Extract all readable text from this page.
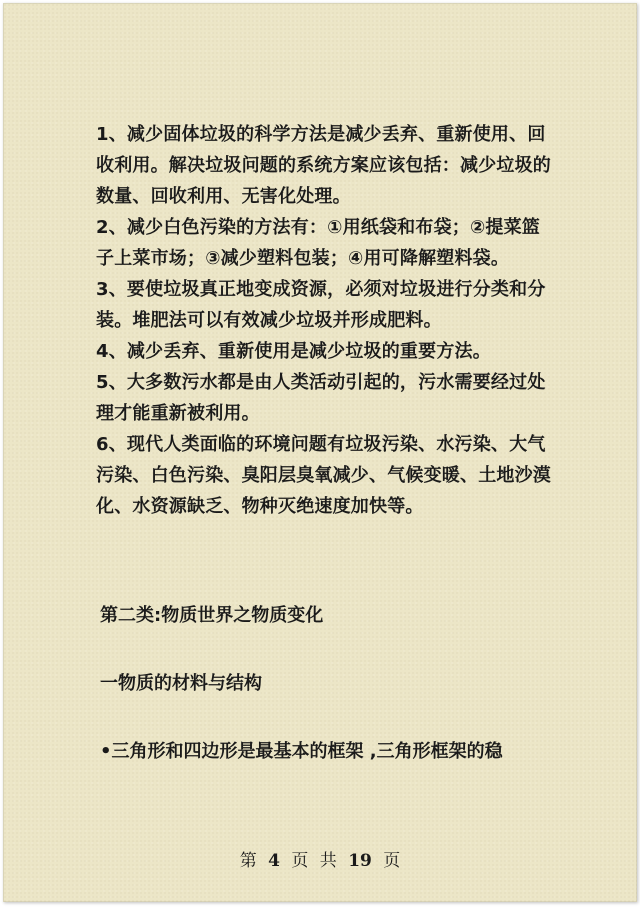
1、减少固体垃圾的科学方法是减少丢弃、重新使用、回收利用。解决垃圾问题的系统方案应该包括：减少垃圾的数量、回收利用、无害化处理。

2、减少白色污染的方法有：①用纸袋和布袋；②提菜篮子上菜市场；③减少塑料包装；④用可降解塑料袋。

3、要使垃圾真正地变成资源，必须对垃圾进行分类和分装。堆肥法可以有效减少垃圾并形成肥料。

4、减少丢弃、重新使用是减少垃圾的重要方法。

5、大多数污水都是由人类活动引起的，污水需要经过处理才能重新被利用。

6、现代人类面临的环境问题有垃圾污染、水污染、大气污染、白色污染、臭阳层臭氧减少、气候变暖、土地沙漠化、水资源缺乏、物种灭绝速度加快等。

第二类:物质世界之物质变化

一物质的材料与结构

•三角形和四边形是最基本的框架 ,三角形框架的稳

第 4 页 共 19 页
